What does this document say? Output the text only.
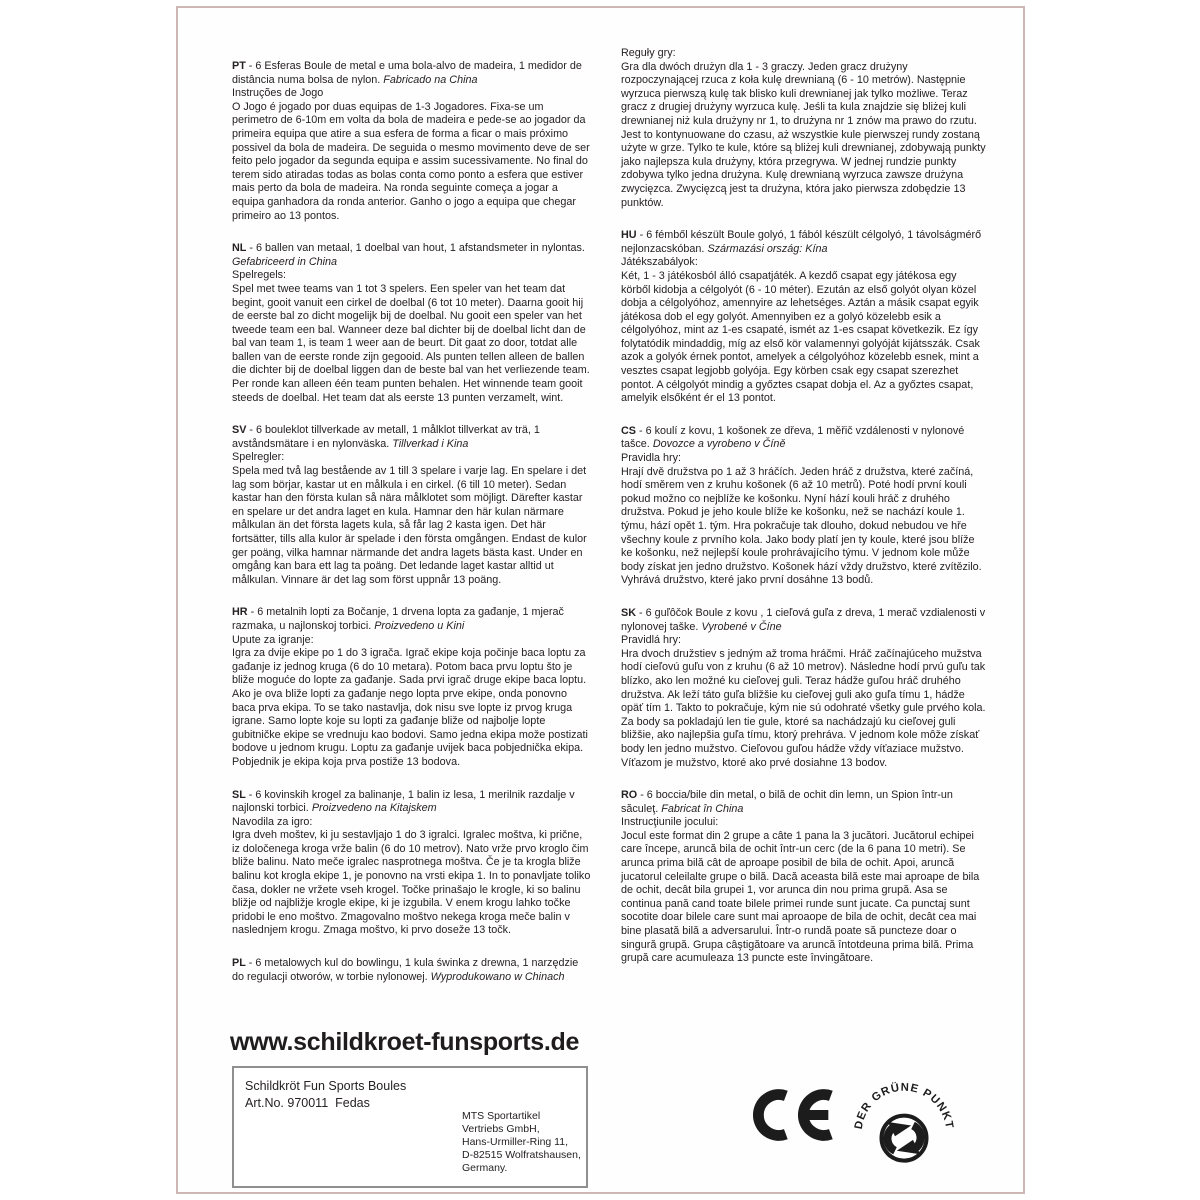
PT - 6 Esferas Boule de metal e uma bola-alvo de madeira, 1 medidor de distância numa bolsa de nylon. Fabricado na China

Instruções de Jogo

O Jogo é jogado por duas equipas de 1-3 Jogadores. Fixa-se um perimetro de 6-10m em volta da bola de madeira e pede-se ao jogador da primeira equipa que atire a sua esfera de forma a ficar o mais próximo possivel da bola de madeira. De seguida o mesmo movimento deve de ser feito pelo jogador da segunda equipa e assim sucessivamente. No final do terem sido atiradas todas as bolas conta como ponto a esfera que estiver mais perto da bola de madeira. Na ronda seguinte começa a jogar a equipa ganhadora da ronda anterior. Ganho o jogo a equipa que chegar primeiro ao 13 pontos.

NL - 6 ballen van metaal, 1 doelbal van hout, 1 afstandsmeter in nylontas. Gefabriceerd in China

Spelregels:

Spel met twee teams van 1 tot 3 spelers. Een speler van het team dat begint, gooit vanuit een cirkel de doelbal (6 tot 10 meter). Daarna gooit hij de eerste bal zo dicht mogelijk bij de doelbal. Nu gooit een speler van het tweede team een bal. Wanneer deze bal dichter bij de doelbal licht dan de bal van team 1, is team 1 weer aan de beurt. Dit gaat zo door, totdat alle ballen van de eerste ronde zijn gegooid. Als punten tellen alleen de ballen die dichter bij de doelbal liggen dan de beste bal van het verliezende team. Per ronde kan alleen één team punten behalen. Het winnende team gooit steeds de doelbal. Het team dat als eerste 13 punten verzamelt, wint.

SV - 6 bouleklot tillverkade av metall, 1 målklot tillverkat av trä, 1 avståndsmätare i en nylonväska. Tillverkad i Kina

Spelregler:

Spela med två lag bestående av 1 till 3 spelare i varje lag. En spelare i det lag som börjar, kastar ut en målkula i en cirkel. (6 till 10 meter). Sedan kastar han den första kulan så nära målklotet som möjligt. Därefter kastar en spelare ur det andra laget en kula. Hamnar den här kulan närmare målkulan än det första lagets kula, så får lag 2 kasta igen. Det här fortsätter, tills alla kulor är spelade i den första omgången. Endast de kulor ger poäng, vilka hamnar närmande det andra lagets bästa kast. Under en omgång kan bara ett lag ta poäng. Det ledande laget kastar alltid ut målkulan. Vinnare är det lag som först uppnår 13 poäng.

HR - 6 metalnih lopti za Bočanje, 1 drvena lopta za gađanje, 1 mjerač razmaka, u najlonskoj torbici. Proizvedeno u Kini

Upute za igranje:

Igra za dvije ekipe po 1 do 3 igrača. Igrač ekipe koja počinje baca loptu za gađanje iz jednog kruga (6 do 10 metara). Potom baca prvu loptu što je bliže moguće do lopte za gađanje. Sada prvi igrač druge ekipe baca loptu. Ako je ova bliže lopti za gađanje nego lopta prve ekipe, onda ponovno baca prva ekipa. To se tako nastavlja, dok nisu sve lopte iz prvog kruga igrane. Samo lopte koje su lopti za gađanje bliže od najbolje lopte gubitničke ekipe se vrednuju kao bodovi. Samo jedna ekipa može postizati bodove u jednom krugu. Loptu za gađanje uvijek baca pobjednička ekipa. Pobjednik je ekipa koja prva postiže 13 bodova.

SL - 6 kovinskih krogel za balinanje, 1 balin iz lesa, 1 merilnik razdalje v najlonski torbici. Proizvedeno na Kitajskem

Navodila za igro:

Igra dveh moštev, ki ju sestavljajo 1 do 3 igralci. Igralec moštva, ki prične, iz določenega kroga vrže balin (6 do 10 metrov). Nato vrže prvo kroglo čim bliže balinu. Nato meče igralec nasprotnega moštva. Če je ta krogla bliže balinu kot krogla ekipe 1, je ponovno na vrsti ekipa 1. In to ponavljate toliko časa, dokler ne vržete vseh krogel. Točke prinašajo le krogle, ki so balinu bližje od najbližje krogle ekipe, ki je izgubila. V enem krogu lahko točke pridobi le eno moštvo. Zmagovalno moštvo nekega kroga meče balin v naslednjem krogu. Zmaga moštvo, ki prvo doseže 13 točk.

PL - 6 metalowych kul do bowlingu, 1 kula świnka z drewna, 1 narzędzie do regulacji otworów, w torbie nylonowej. Wyprodukowano w Chinach

Reguły gry:

Gra dla dwóch drużyn dla 1 - 3 graczy. Jeden gracz drużyny rozpoczynającej rzuca z koła kulę drewnianą (6 - 10 metrów). Następnie wyrzuca pierwszą kulę tak blisko kuli drewnianej jak tylko możliwe. Teraz gracz z drugiej drużyny wyrzuca kulę. Jeśli ta kula znajdzie się bliżej kuli drewnianej niż kula drużyny nr 1, to drużyna nr 1 znów ma prawo do rzutu. Jest to kontynuowane do czasu, aż wszystkie kule pierwszej rundy zostaną użyte w grze. Tylko te kule, które są bliżej kuli drewnianej, zdobywają punkty jako najlepsza kula drużyny, która przegrywa. W jednej rundzie punkty zdobywa tylko jedna drużyna. Kulę drewnianą wyrzuca zawsze drużyna zwycięzca. Zwycięzcą jest ta drużyna, która jako pierwsza zdobędzie 13 punktów.

HU - 6 fémből készült Boule golyó, 1 fából készült célgolyó, 1 távolságmérő nejlonzacskóban. Származási ország: Kína

Játékszabályok:

Két, 1 - 3 játékosból álló csapatjáték. A kezdő csapat egy játékosa egy körből kidobja a célgolyót (6 - 10 méter). Ezután az első golyót olyan közel dobja a célgolyóhoz, amennyire az lehetséges. Aztán a másik csapat egyik játékosa dob el egy golyót. Amennyiben ez a golyó közelebb esik a célgolyóhoz, mint az 1-es csapaté, ismét az 1-es csapat következik. Ez így folytatódik mindaddig, míg az első kör valamennyi golyóját kijátsszák. Csak azok a golyók érnek pontot, amelyek a célgolyóhoz közelebb esnek, mint a vesztes csapat legjobb golyója. Egy körben csak egy csapat szerezhet pontot. A célgolyót mindig a győztes csapat dobja el. Az a győztes csapat, amelyik elsőként ér el 13 pontot.

CS - 6 koulí z kovu, 1 košonek ze dřeva, 1 měřič vzdálenosti v nylonové tašce. Dovozce a vyrobeno v Číně

Pravidla hry:

Hrají dvě družstva po 1 až 3 hráčích. Jeden hráč z družstva, které začíná, hodí směrem ven z kruhu košonek (6 až 10 metrů). Poté hodí první kouli pokud možno co nejblíže ke košonku. Nyní hází kouli hráč z druhého družstva. Pokud je jeho koule blíže ke košonku, než se nachází koule 1. týmu, hází opět 1. tým. Hra pokračuje tak dlouho, dokud nebudou ve hře všechny koule z prvního kola. Jako body platí jen ty koule, které jsou blíže ke košonku, než nejlepší koule prohrávajícího týmu. V jednom kole může body získat jen jedno družstvo. Košonek hází vždy družstvo, které zvítězilo. Vyhrává družstvo, které jako první dosáhne 13 bodů.

SK - 6 guľôčok Boule z kovu , 1 cieľová guľa z dreva, 1 merač vzdialenosti v nylonovej taške. Vyrobené v Číne

Pravidlá hry:

Hra dvoch družstiev s jedným až troma hráčmi. Hráč začínajúceho mužstva hodí cieľovú guľu von z kruhu (6 až 10 metrov). Následne hodí prvú guľu tak blízko, ako len možné ku cieľovej guli. Teraz hádže guľou hráč druhého družstva. Ak leží táto guľa bližšie ku cieľovej guli ako guľa tímu 1, hádže opäť tím 1. Takto to pokračuje, kým nie sú odohraté všetky gule prvého kola. Za body sa pokladajú len tie gule, ktoré sa nachádzajú ku cieľovej guli bližšie, ako najlepšia guľa tímu, ktorý prehráva. V jednom kole môže získať body len jedno mužstvo. Cieľovou guľou hádže vždy víťaziace mužstvo. Víťazom je mužstvo, ktoré ako prvé dosiahne 13 bodov.

RO - 6 boccia/bile din metal, o bilă de ochit din lemn, un Spion într-un săculeţ. Fabricat în China

Instrucţiunile jocului:

Jocul este format din 2 grupe a câte 1 pana la 3 jucători. Jucătorul echipei care începe, aruncă bila de ochit într-un cerc (de la 6 pana 10 metri). Se arunca prima bilă cât de aproape posibil de bila de ochit. Apoi, aruncă jucatorul celeilalte grupe o bilă. Dacă aceasta bilă este mai aproape de bila de ochit, decât bila grupei 1, vor arunca din nou prima grupă. Asa se continua pană cand toate bilele primei runde sunt jucate. Ca punctaj sunt socotite doar bilele care sunt mai aproaope de bila de ochit, decât cea mai bine plasată bilă a adversarului. Într-o rundă poate să puncteze doar o singură grupă. Grupa câştigătoare va aruncă întotdeuna prima bilă. Prima grupă care acumuleaza 13 puncte este învingătoare.

www.schildkroet-funsports.de
Schildkröt Fun Sports Boules
Art.No. 970011  Fedas
MTS Sportartikel
Vertriebs GmbH,
Hans-Urmiller-Ring 11,
D-82515 Wolfratshausen,
Germany.
DER GRÜNE PUNKT
